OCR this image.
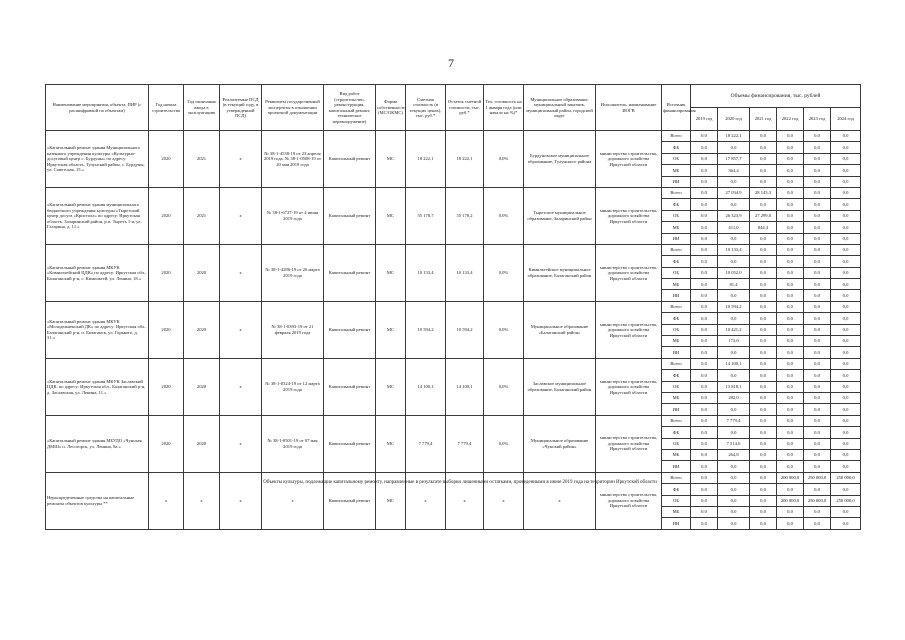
7
Наименование мероприятия, объекта, ПИР (с расшифровкой по объектам)	Год начала строительства	Год окончания ввода в эксплуатацию	Реализуемые ПСД (в текущий году, в утвержденной ПСД)	Реквизиты государственной экспертизы в отношении проектной документации	Вид работ (строительство, реконструкция, капитальный ремонт, техническое перевооружение)	Форма собственности (МС/ОКМС)	Сметная стоимость (в текущих ценах), тыс. руб.*	Остаток сметной стоимости, тыс. руб.*	Тех. готовность на 1 января года (или начало на %)*	Муниципальное образование, муниципальный заказчик, муниципальный район, городской округ	Исполнитель, наименование ИОГВ	Источник финансирования	Объемы финансирования, тыс. рублей					
													2019 год	2020 год	2021 год	2022 год	2023 год	2024 год
«Капитальный ремонт здания Муниципального казенного учреждения культуры «Культурно-досуговый центр с. Бурдуны» по адресу: Иркутская область, Тулунский район, с. Бурдуны, ул. Советская, 15.»	2020	2021	х	№ 38-1-4538-19 от 23 апреля 2019 года, № 38-1-0508-19 от 20 мая 2019 года	Капитальный ремонт	МС	18 222,1	18 222,1	0,0%	Бурдуновское муниципальное образование, Тулунского района	министерство строительства, дорожного хозяйства Иркутской области	Всего	0,0	18 222,1	0,0	0,0	0,0	0,0
												ФБ	0,0	0,0	0,0	0,0	0,0	0,0
												ОБ	0,0	17 857,7	0,0	0,0	0,0	0,0
												МБ	0,0	364,4	0,0	0,0	0,0	0,0
												ИИ	0,0	0,0	0,0	0,0	0,0	0,0
«Капитальный ремонт здания муниципального бюджетного учреждения культуры «Тыретский центр досуга «Кристалл» по адресу: Иркутская область, Заларинский район, р.п. Тыреть 1-я, ул. Гагарина, д. 11.»	2020	2021	х	№ 38-1-6727-19 от 4 июня 2019 года	Капитальный ремонт	МС	55 178,7	55 178,2	0,0%	Тыретское муниципальное образование, Заларинский район	министерство строительства, дорожного хозяйства Иркутской области	Всего	0,0	27 034,9	28 143,3	0,0	0,0	0,0
												ФБ	0,0	0,0	0,0	0,0	0,0	0,0
												ОБ	0,0	26 323,9	27 299,0	0,0	0,0	0,0
												МБ	0,0	411,0	844,3	0,0	0,0	0,0
												ИИ	0,0	0,0	0,0	0,0	0,0	0,0
«Капитальный ремонт здания МКУК «Кимильтейский ЦДК» по адресу: Иркутская обл., Балаганский р-н, с. Кимильтей, ул. Ленина, 18.»	2020	2020	х	№ 38-1-4286-19 от 26 марта 2019 года	Капитальный ремонт	МС	10 133,4	10 133,4	0,0%	Кимильтейское муниципальное образование, Балаганский район	министерство строительства, дорожного хозяйства Иркутской области	Всего	0,0	10 133,4	0,0	0,0	0,0	0,0
												ФБ	0,0	0,0	0,0	0,0	0,0	0,0
												ОБ	0,0	10 052,0	0,0	0,0	0,0	0,0
												МБ	0,0	81,4	0,0	0,0	0,0	0,0
												ИИ	0,0	0,0	0,0	0,0	0,0	0,0
«Капитальный ремонт здания МКУК «Молодежненский ДК» по адресу: Иркутская обл., Балаганский р-н, п. Балаганск, ул. Горького, д. 31.»	2020	2020	х	№ 38-1-0393-19 от 21 февраля 2019 года	Капитальный ремонт	МС	10 594,2	10 594,2	0,0%	Муниципальное образование «Балаганский район»	министерство строительства, дорожного хозяйства Иркутской области	Всего	0,0	10 594,2	0,0	0,0	0,0	0,0
												ФБ	0,0	0,0	0,0	0,0	0,0	0,0
												ОБ	0,0	10 421,2	0,0	0,0	0,0	0,0
												МБ	0,0	173,0	0,0	0,0	0,0	0,0
												ИИ	0,0	0,0	0,0	0,0	0,0	0,0
«Капитальный ремонт здания МКУК Заславский ЦДК, по адресу: Иркутская обл., Балаганский р-н, д. Заславская, ул. Ленина, 11.»	2020	2020	х	№ 38-1-0324-19 от 12 марта 2019 года	Капитальный ремонт	МС	14 100,1	14 100,1	0,0%	Заславское муниципальное образование, Балаганский район	министерство строительства, дорожного хозяйства Иркутской области	Всего	0,0	14 100,1	0,0	0,0	0,0	0,0
												ФБ	0,0	0,0	0,0	0,0	0,0	0,0
												ОБ	0,0	13 818,1	0,0	0,0	0,0	0,0
												МБ	0,0	282,0	0,0	0,0	0,0	0,0
												ИИ	0,0	0,0	0,0	0,0	0,0	0,0
«Капитальный ремонт здания МБУДО «Чунская ДМШ» п. Лесогорск, ул. Ленина, 8а.»	2020	2020	х	№ 38-1-0501-19 от 07 мая 2019 года	Капитальный ремонт	МС	7 779,4	7 779,4	0,0%	Муниципальное образование «Чунский район»	министерство строительства, дорожного хозяйства Иркутской области	Всего	0,0	7 779,4	0,0	0,0	0,0	0,0
												ФБ	0,0	0,0	0,0	0,0	0,0	0,0
												ОБ	0,0	7 514,6	0,0	0,0	0,0	0,0
												МБ	0,0	264,8	0,0	0,0	0,0	0,0
												ИИ	0,0	0,0	0,0	0,0	0,0	0,0
Нераспределенные средства на капитальные ремонты объектов культуры **	х	х	х	х	Капитальный ремонт	МС	х	х	х	х	министерство строительства, дорожного хозяйства Иркутской области	Всего	0,0	0,0	0,0	200 000,0	250 000,0	250 000,0
												ФБ	0,0	0,0	0,0	0,0	0,0	0,0
												ОБ	0,0	0,0	0,0	200 000,0	250 000,0	250 000,0
												МБ	0,0	0,0	0,0	0,0	0,0	0,0
												ИИ	0,0	0,0	0,0	0,0	0,0	0,0
Объекты культуры, подлежащие капитальному ремонту, направленные в результате выборки лишенными остатками, проведенными в июне 2019 года на территории Иркутской области
